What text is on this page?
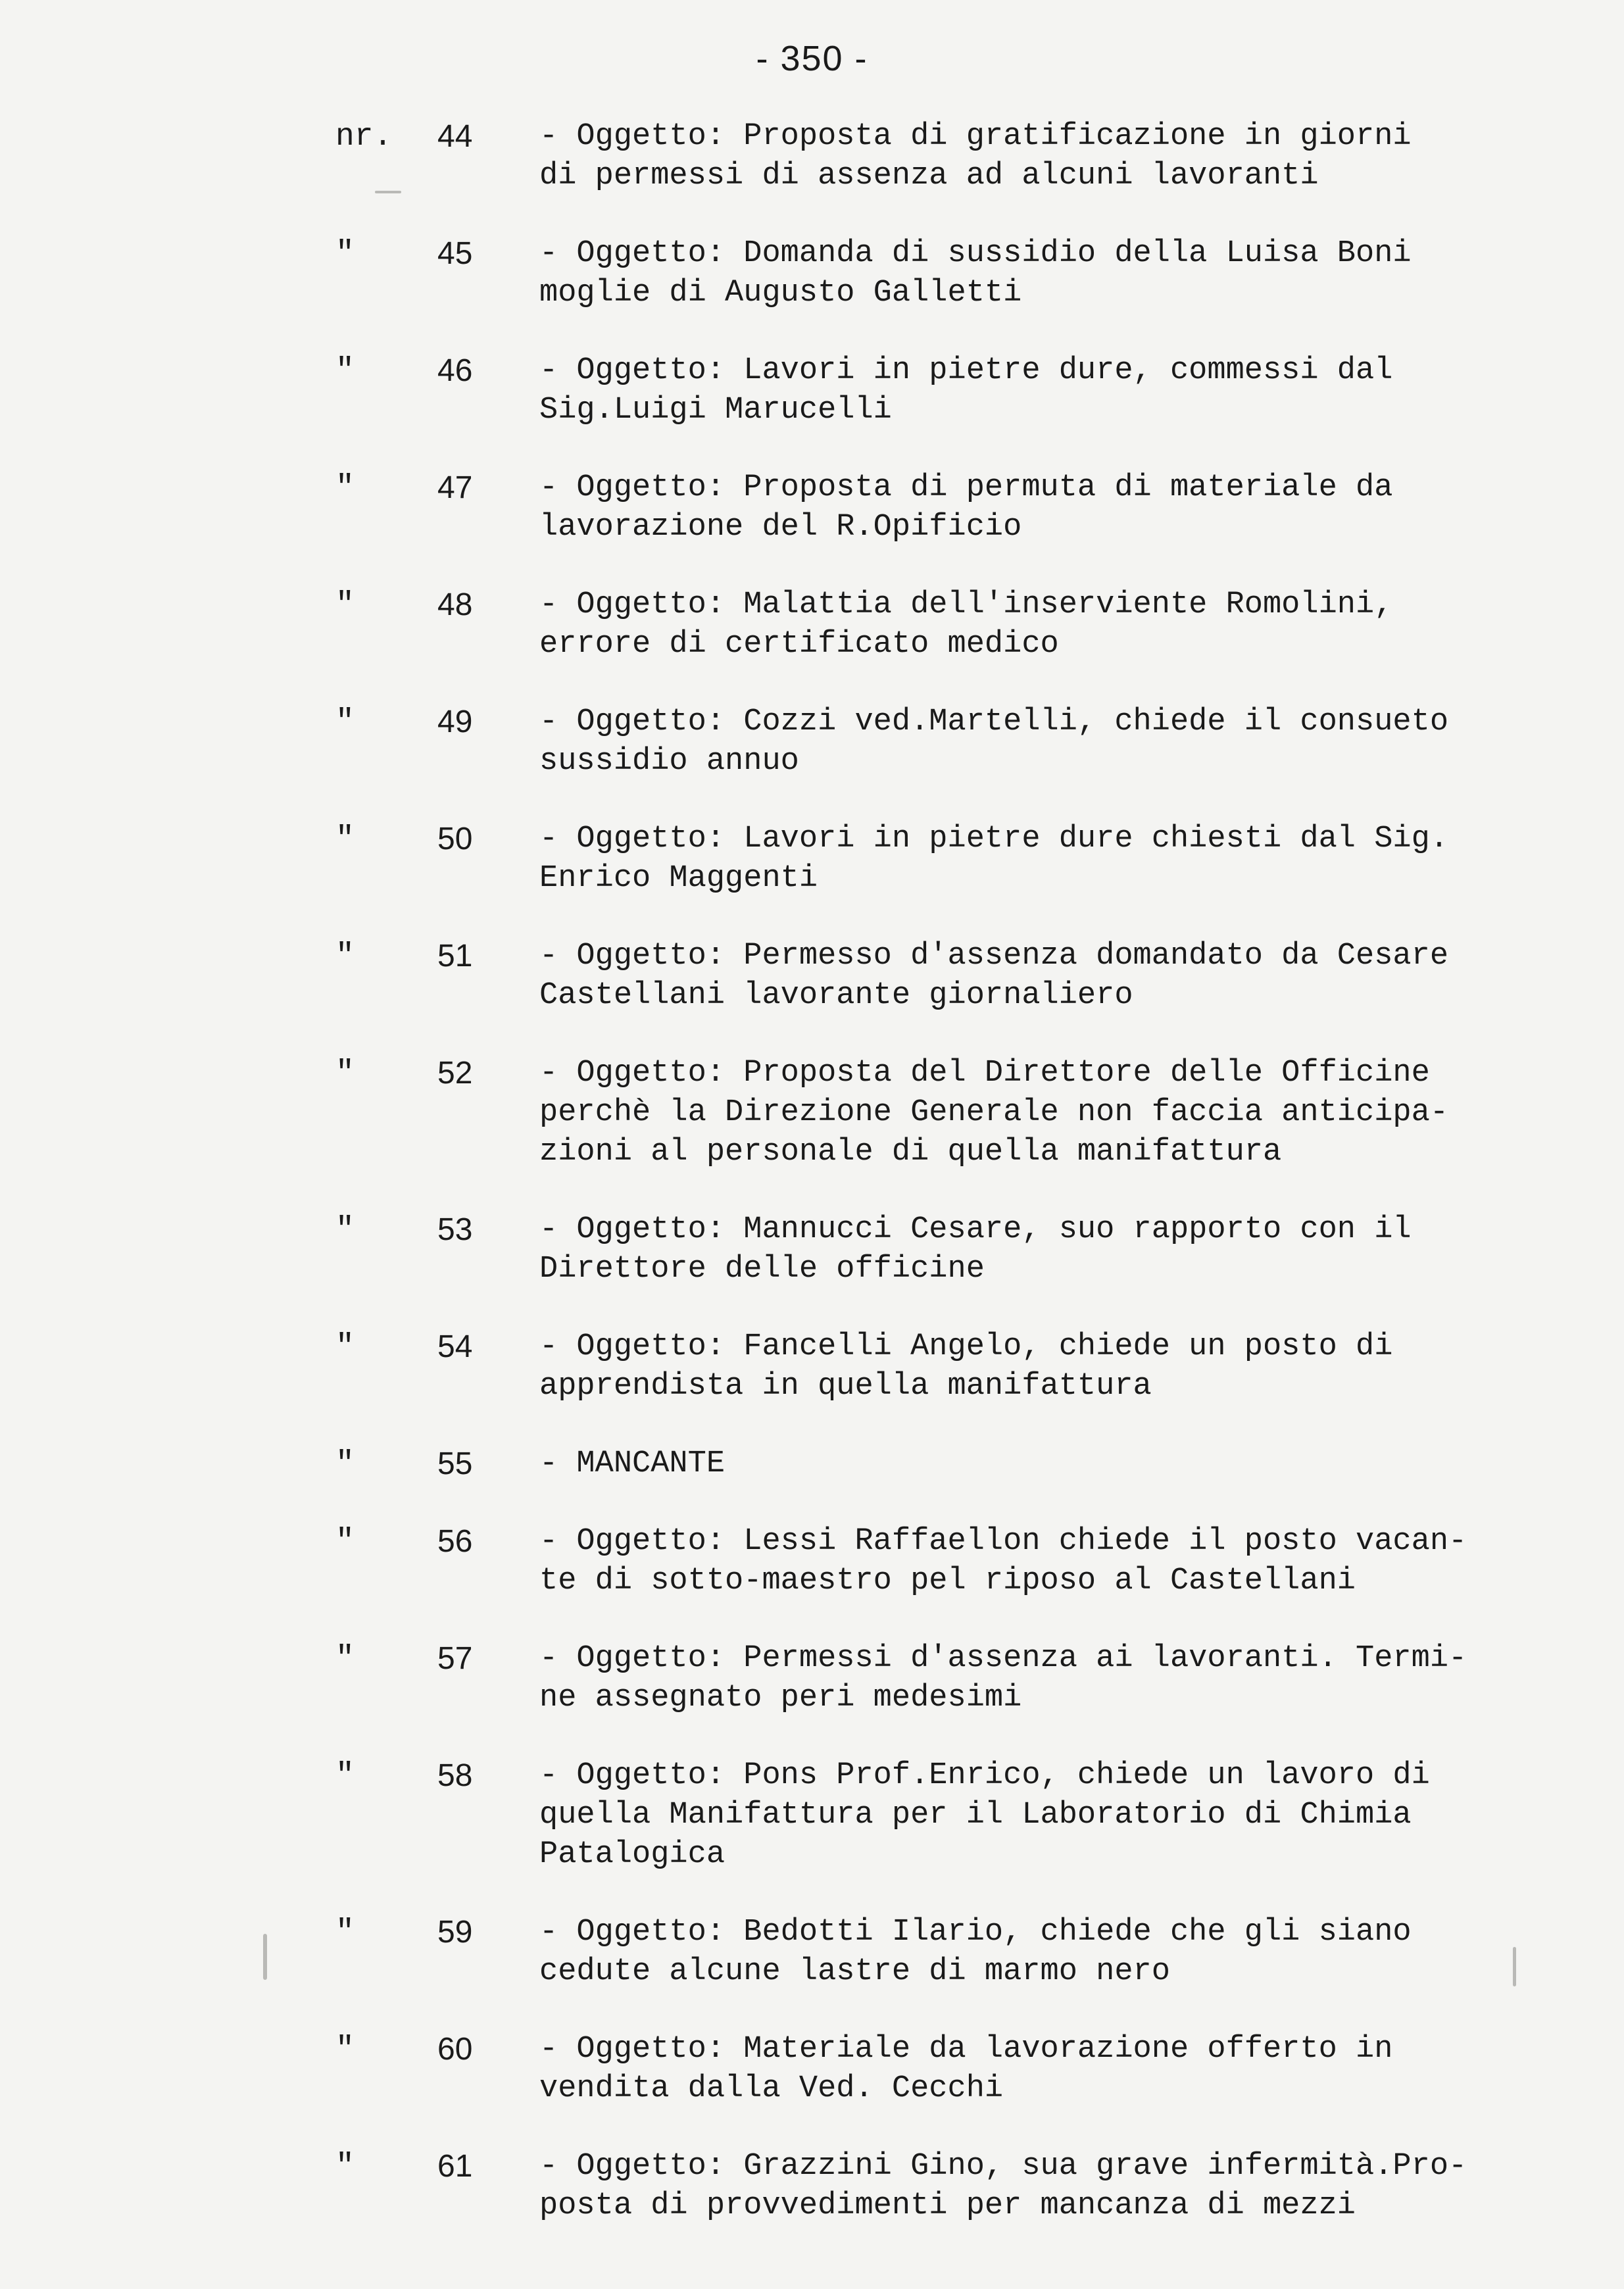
- 350 -
nr.	44	- Oggetto: Proposta di gratificazione in giorni
di permessi di assenza ad alcuni lavoranti
"	45	- Oggetto: Domanda di sussidio della Luisa Boni
moglie di Augusto Galletti
"	46	- Oggetto: Lavori in pietre dure, commessi dal
Sig.Luigi Marucelli
"	47	- Oggetto: Proposta di permuta di materiale da
lavorazione del R.Opificio
"	48	- Oggetto: Malattia dell'inserviente Romolini,
errore di certificato medico
"	49	- Oggetto: Cozzi ved.Martelli, chiede il consueto
sussidio annuo
"	50	- Oggetto: Lavori in pietre dure chiesti dal Sig.
Enrico Maggenti
"	51	- Oggetto: Permesso d'assenza domandato da Cesare
Castellani lavorante giornaliero
"	52	- Oggetto: Proposta del Direttore delle Officine
perchè la Direzione Generale non faccia anticipa-
zioni al personale di quella manifattura
"	53	- Oggetto: Mannucci Cesare, suo rapporto con il
Direttore delle officine
"	54	- Oggetto: Fancelli Angelo, chiede un posto di
apprendista in quella manifattura
"	55	- MANCANTE
"	56	- Oggetto: Lessi Raffaellon chiede il posto vacan-
te di sotto-maestro pel riposo al Castellani
"	57	- Oggetto: Permessi d'assenza ai lavoranti. Termi-
ne assegnato peri medesimi
"	58	- Oggetto: Pons Prof.Enrico, chiede un lavoro di
quella Manifattura per il Laboratorio di Chimia
Patalogica
"	59	- Oggetto: Bedotti Ilario, chiede che gli siano
cedute alcune lastre di marmo nero
"	60	- Oggetto: Materiale da lavorazione offerto in
vendita dalla Ved. Cecchi
"	61	- Oggetto: Grazzini Gino, sua grave infermità.Pro-
posta di provvedimenti per mancanza di mezzi
